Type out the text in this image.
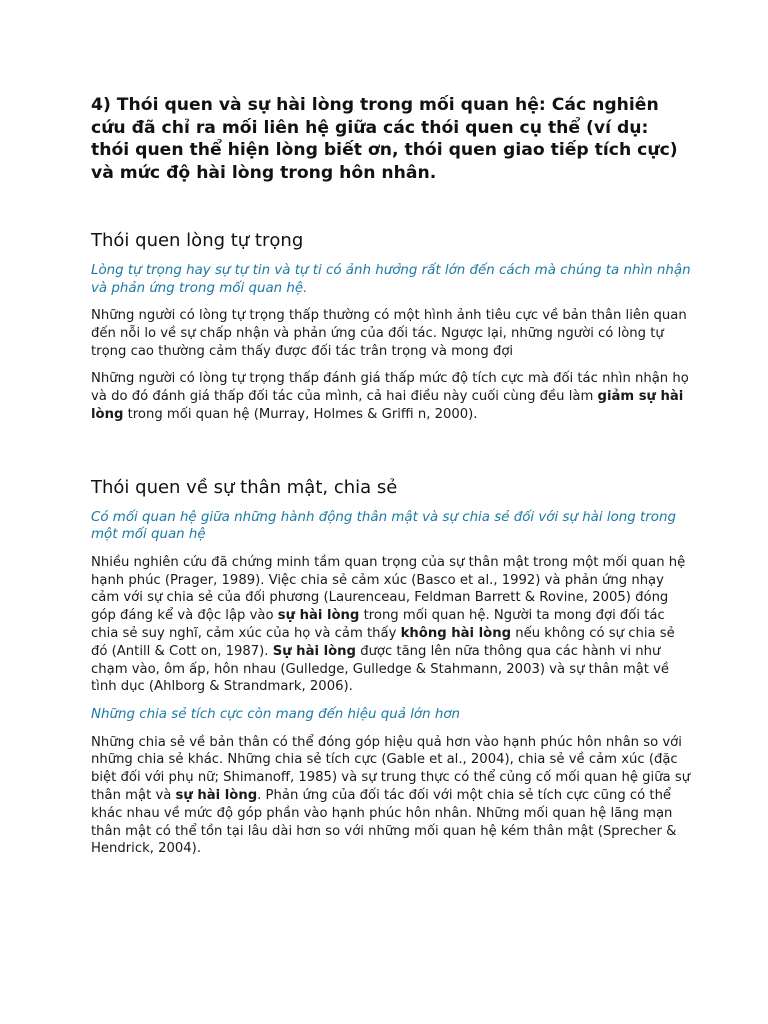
4) Thói quen và sự hài lòng trong mối quan hệ: Các nghiên cứu đã chỉ ra mối liên hệ giữa các thói quen cụ thể (ví dụ: thói quen thể hiện lòng biết ơn, thói quen giao tiếp tích cực) và mức độ hài lòng trong hôn nhân.
Thói quen lòng tự trọng

Lòng tự trọng hay sự tự tin và tự ti có ảnh hưởng rất lớn đến cách mà chúng ta nhìn nhận và phản ứng trong mối quan hệ.

Những người có lòng tự trọng thấp thường có một hình ảnh tiêu cực về bản thân liên quan đến nỗi lo về sự chấp nhận và phản ứng của đối tác. Ngược lại, những người có lòng tự trọng cao thường cảm thấy được đối tác trân trọng và mong đợi

Những người có lòng tự trọng thấp đánh giá thấp mức độ tích cực mà đối tác nhìn nhận họ và do đó đánh giá thấp đối tác của mình, cả hai điều này cuối cùng đều làm giảm sự hài lòng trong mối quan hệ (Murray, Holmes & Griffi n, 2000).

Thói quen về sự thân mật, chia sẻ

Có mối quan hệ giữa những hành động thân mật và sự chia sẻ đối với sự hài long trong một mối quan hệ

Nhiều nghiên cứu đã chứng minh tầm quan trọng của sự thân mật trong một mối quan hệ hạnh phúc (Prager, 1989). Việc chia sẻ cảm xúc (Basco et al., 1992) và phản ứng nhạy cảm với sự chia sẻ của đối phương (Laurenceau, Feldman Barrett & Rovine, 2005) đóng góp đáng kể và độc lập vào sự hài lòng trong mối quan hệ. Người ta mong đợi đối tác chia sẻ suy nghĩ, cảm xúc của họ và cảm thấy không hài lòng nếu không có sự chia sẻ đó (Antill & Cott on, 1987). Sự hài lòng được tăng lên nữa thông qua các hành vi như chạm vào, ôm ấp, hôn nhau (Gulledge, Gulledge & Stahmann, 2003) và sự thân mật về tình dục (Ahlborg & Strandmark, 2006).

Những chia sẻ tích cực còn mang đến hiệu quả lớn hơn

Những chia sẻ về bản thân có thể đóng góp hiệu quả hơn vào hạnh phúc hôn nhân so với những chia sẻ khác. Những chia sẻ tích cực (Gable et al., 2004), chia sẻ về cảm xúc (đặc biệt đối với phụ nữ; Shimanoff, 1985) và sự trung thực có thể củng cố mối quan hệ giữa sự thân mật và sự hài lòng. Phản ứng của đối tác đối với một chia sẻ tích cực cũng có thể khác nhau về mức độ góp phần vào hạnh phúc hôn nhân. Những mối quan hệ lãng mạn thân mật có thể tồn tại lâu dài hơn so với những mối quan hệ kém thân mật (Sprecher & Hendrick, 2004).
